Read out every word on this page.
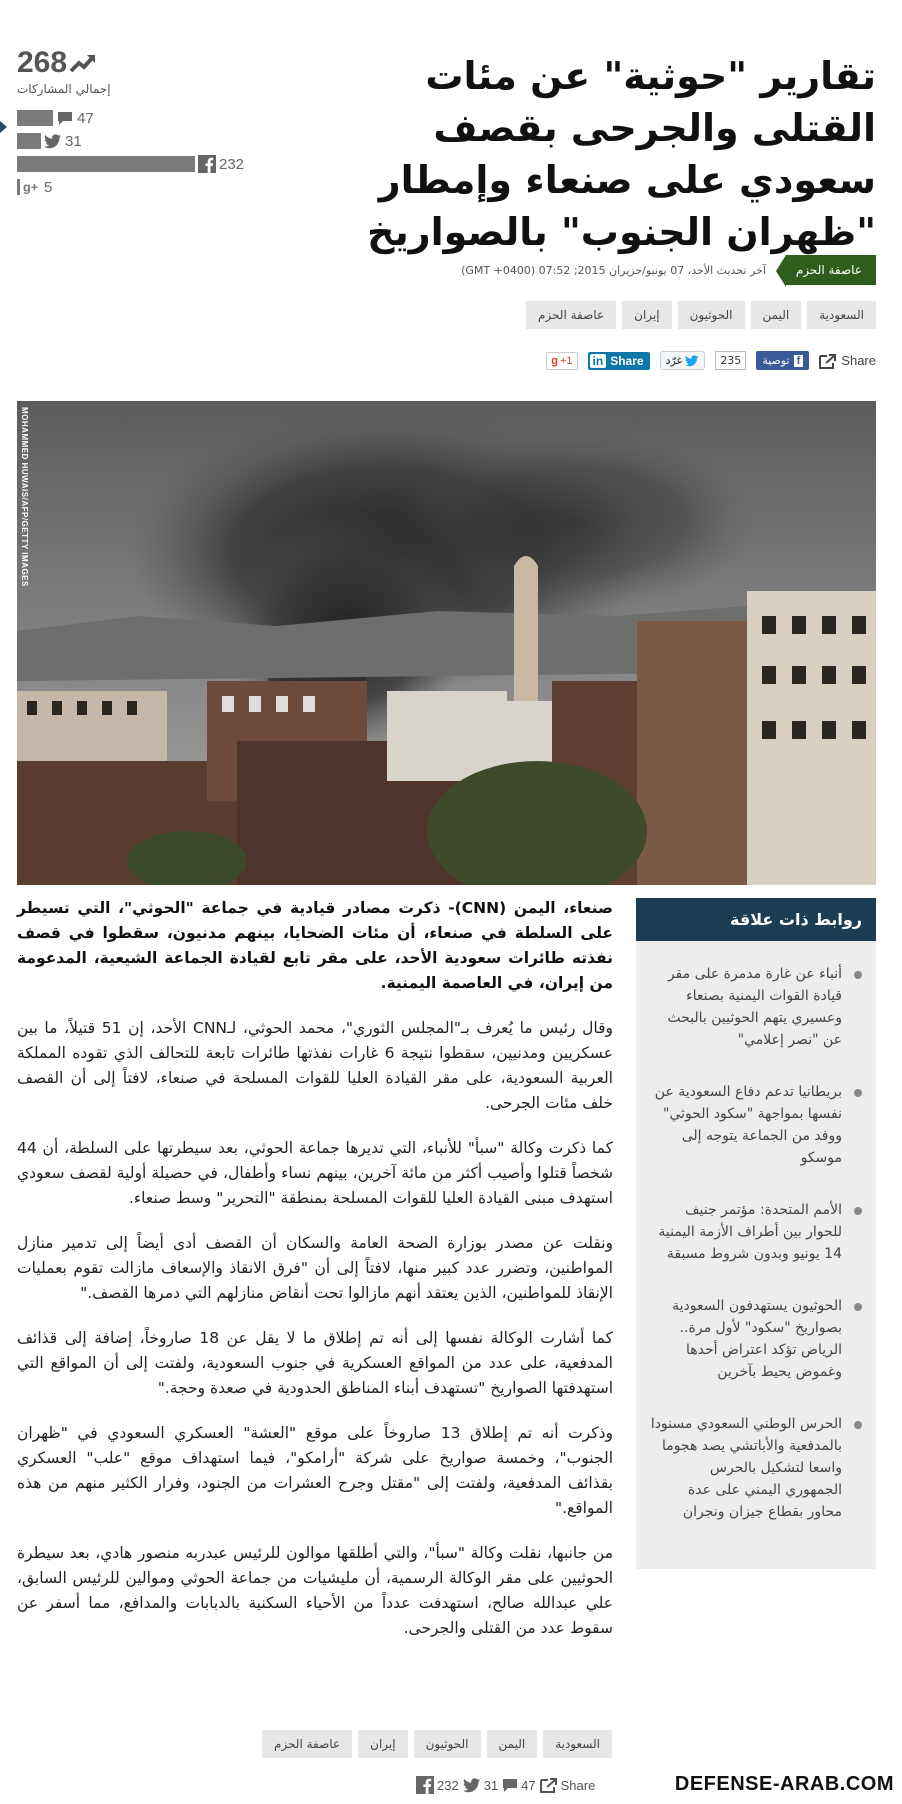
268
إجمالي المشاركات
47
31
232
g+ 5
تقارير "حوثية" عن مئات القتلى والجرحى بقصف سعودي على صنعاء وإمطار "ظهران الجنوب" بالصواريخ
عاصفة الحزم
آخر تحديث الأحد، 07 يونيو/حزيران 2015; 07:52 (GMT +0400)
السعودية
اليمن
الحوثيون
إيران
عاصفة الحزم
Share
f
توصية
235
غرّد
in Share
g +1
MOHAMMED HUWAIS/AFP/GETTY IMAGES

صنعاء، اليمن (CNN)- ذكرت مصادر قيادية في جماعة "الحوثي"، التي تسيطر على السلطة في صنعاء، أن مئات الضحايا، بينهم مدنيون، سقطوا في قصف نفذته طائرات سعودية الأحد، على مقر تابع لقيادة الجماعة الشيعية، المدعومة من إيران، في العاصمة اليمنية.

وقال رئيس ما يُعرف بـ"المجلس الثوري"، محمد الحوثي، لـCNN الأحد، إن 51 قتيلاً، ما بين عسكريين ومدنيين، سقطوا نتيجة 6 غارات نفذتها طائرات تابعة للتحالف الذي تقوده المملكة العربية السعودية، على مقر القيادة العليا للقوات المسلحة في صنعاء، لافتاً إلى أن القصف خلف مئات الجرحى.

كما ذكرت وكالة "سبأ" للأنباء، التي تديرها جماعة الحوثي، بعد سيطرتها على السلطة، أن 44 شخصاً قتلوا وأصيب أكثر من مائة آخرين، بينهم نساء وأطفال، في حصيلة أولية لقصف سعودي استهدف مبنى القيادة العليا للقوات المسلحة بمنطقة "التحرير" وسط صنعاء.

ونقلت عن مصدر بوزارة الصحة العامة والسكان أن القصف أدى أيضاً إلى تدمير منازل المواطنين، وتضرر عدد كبير منها، لافتاً إلى أن "فرق الانقاذ والإسعاف مازالت تقوم بعمليات الإنقاذ للمواطنين، الذين يعتقد أنهم مازالوا تحت أنقاض منازلهم التي دمرها القصف."

كما أشارت الوكالة نفسها إلى أنه تم إطلاق ما لا يقل عن 18 صاروخاً، إضافة إلى قذائف المدفعية، على عدد من المواقع العسكرية في جنوب السعودية، ولفتت إلى أن المواقع التي استهدفتها الصواريخ "تستهدف أبناء المناطق الحدودية في صعدة وحجة."

وذكرت أنه تم إطلاق 13 صاروخاً على موقع "العشة" العسكري السعودي في "ظهران الجنوب"، وخمسة صواريخ على شركة "أرامكو"، فيما استهداف موقع "علب" العسكري بقذائف المدفعية، ولفتت إلى "مقتل وجرح العشرات من الجنود، وفرار الكثير منهم من هذه المواقع."

من جانبها، نقلت وكالة "سبأ"، والتي أطلقها موالون للرئيس عبدربه منصور هادي، بعد سيطرة الحوثيين على مقر الوكالة الرسمية، أن مليشيات من جماعة الحوثي وموالين للرئيس السابق، علي عبدالله صالح، استهدفت عدداً من الأحياء السكنية بالدبابات والمدافع، مما أسفر عن سقوط عدد من القتلى والجرحى.

روابط ذات علاقة
أنباء عن غارة مدمرة على مقر قيادة القوات اليمنية بصنعاء وعسيري يتهم الحوثيين بالبحث عن "نصر إعلامي"
بريطانيا تدعم دفاع السعودية عن نفسها بمواجهة "سكود الحوثي" ووفد من الجماعة يتوجه إلى موسكو
الأمم المتحدة: مؤتمر جنيف للحوار بين أطراف الأزمة اليمنية 14 يونيو وبدون شروط مسبقة
الحوثيون يستهدفون السعودية بصواريخ "سكود" لأول مرة.. الرياض تؤكد اعتراض أحدها وغموض يحيط بآخرين
الحرس الوطني السعودي مسنودا بالمدفعية والأباتشي يصد هجوما واسعا لتشكيل بالحرس الجمهوري اليمني على عدة محاور بقطاع جيزان ونجران
السعودية
اليمن
الحوثيون
إيران
عاصفة الحزم
232 31 47 Share	DEFENSE-ARAB.COM
